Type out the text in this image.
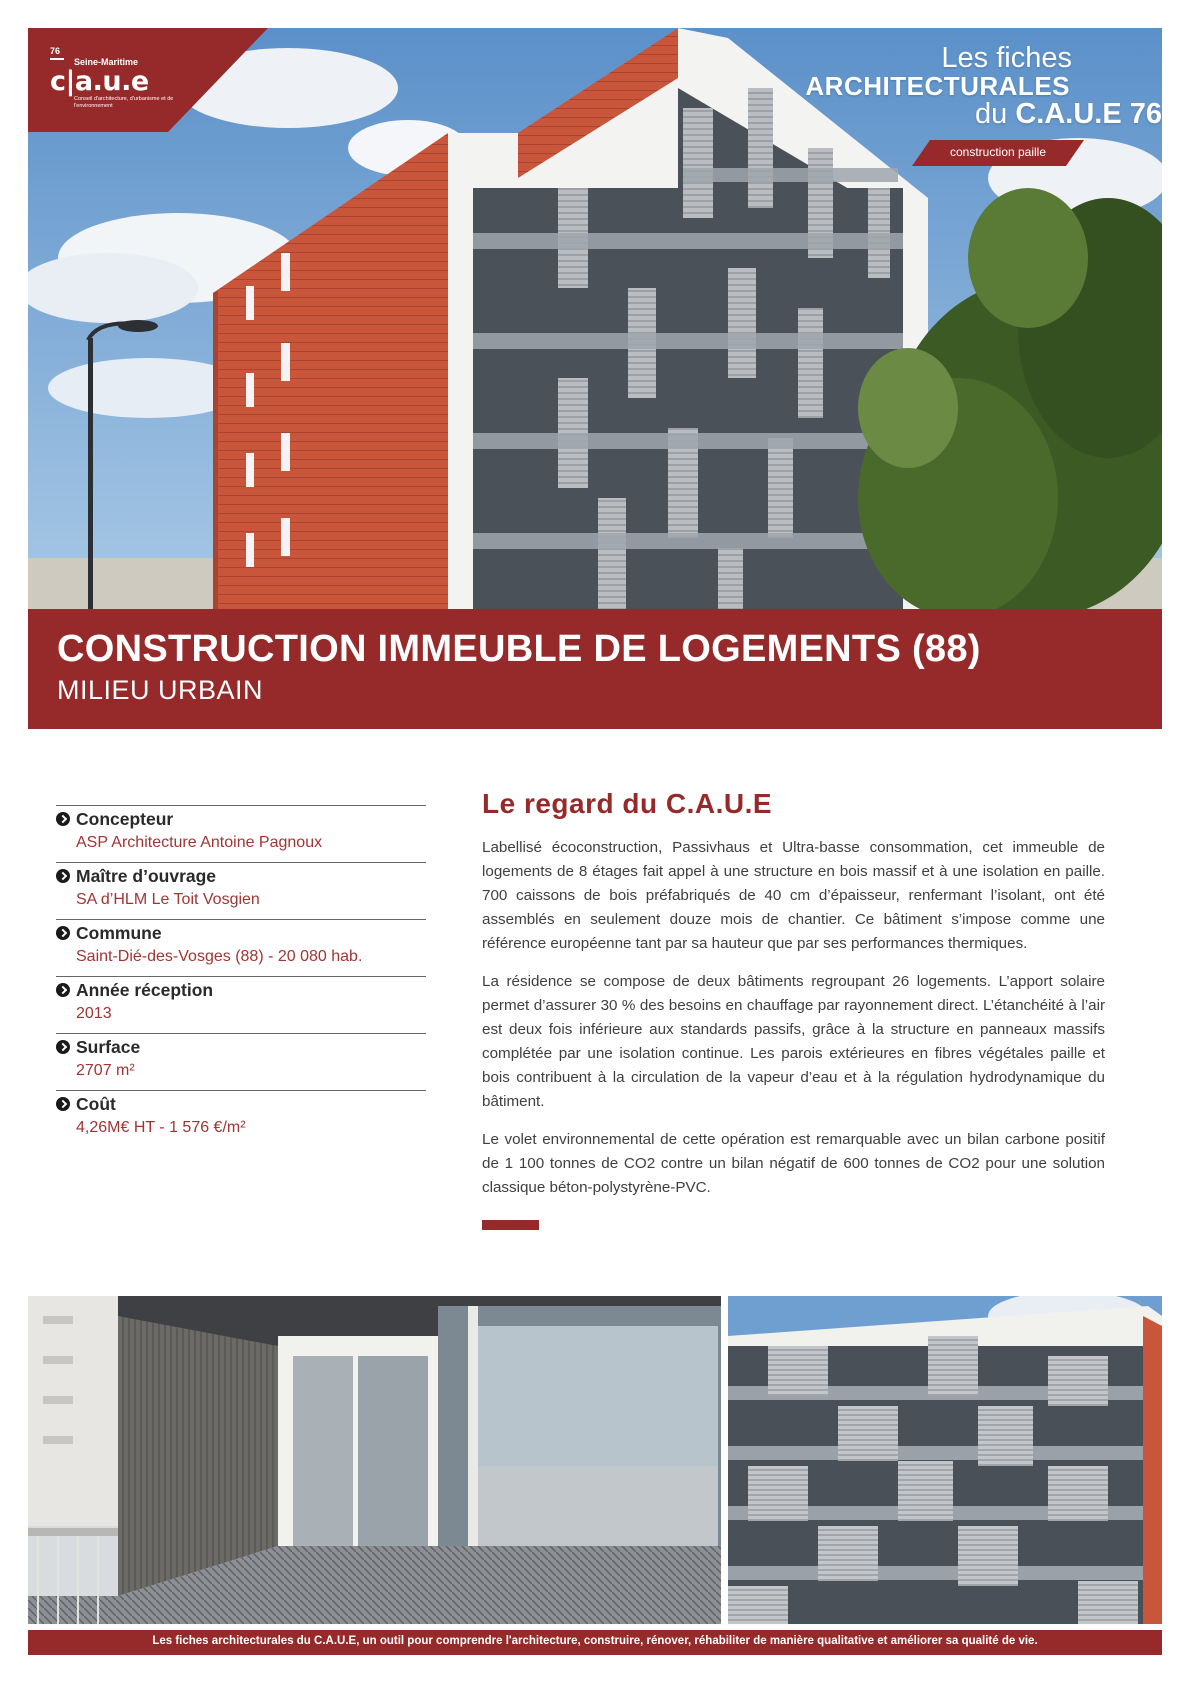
76
Seine-Maritime
c|a.u.e
Conseil d'architecture, d'urbanisme et de l'environnement
Les fiches
ARCHITECTURALES
du C.A.U.E 76
construction paille
CONSTRUCTION IMMEUBLE DE LOGEMENTS (88)
MILIEU URBAIN
Concepteur
ASP Architecture Antoine Pagnoux
Maître d’ouvrage
SA d’HLM Le Toit Vosgien
Commune
Saint-Dié-des-Vosges (88) - 20 080 hab.
Année réception
2013
Surface
2707 m²
Coût
4,26M€ HT - 1 576 €/m²
Le regard du C.A.U.E

Labellisé écoconstruction, Passivhaus et Ultra-basse consommation, cet immeuble de logements de 8 étages fait appel à une structure en bois massif et à une isolation en paille. 700 caissons de bois préfabriqués de 40 cm d’épaisseur, renfermant l’isolant, ont été assemblés en seulement douze mois de chantier. Ce bâtiment s’impose comme une référence européenne tant par sa hauteur que par ses performances thermiques.

La résidence se compose de deux bâtiments regroupant 26 logements. L’apport solaire permet d’assurer 30 % des besoins en chauffage par rayonnement direct. L’étanchéité à l’air est deux fois inférieure aux standards passifs, grâce à la structure en panneaux massifs complétée par une isolation continue. Les parois extérieures en fibres végétales paille et bois contribuent à la circulation de la vapeur d’eau et à la régulation hydrodynamique du bâtiment.

Le volet environnemental de cette opération est remarquable avec un bilan carbone positif de 1 100 tonnes de CO2 contre un bilan négatif de 600 tonnes de CO2 pour une solution classique béton-polystyrène-PVC.

Les fiches architecturales du C.A.U.E, un outil pour comprendre l'architecture, construire, rénover, réhabiliter de manière qualitative et améliorer sa qualité de vie.
